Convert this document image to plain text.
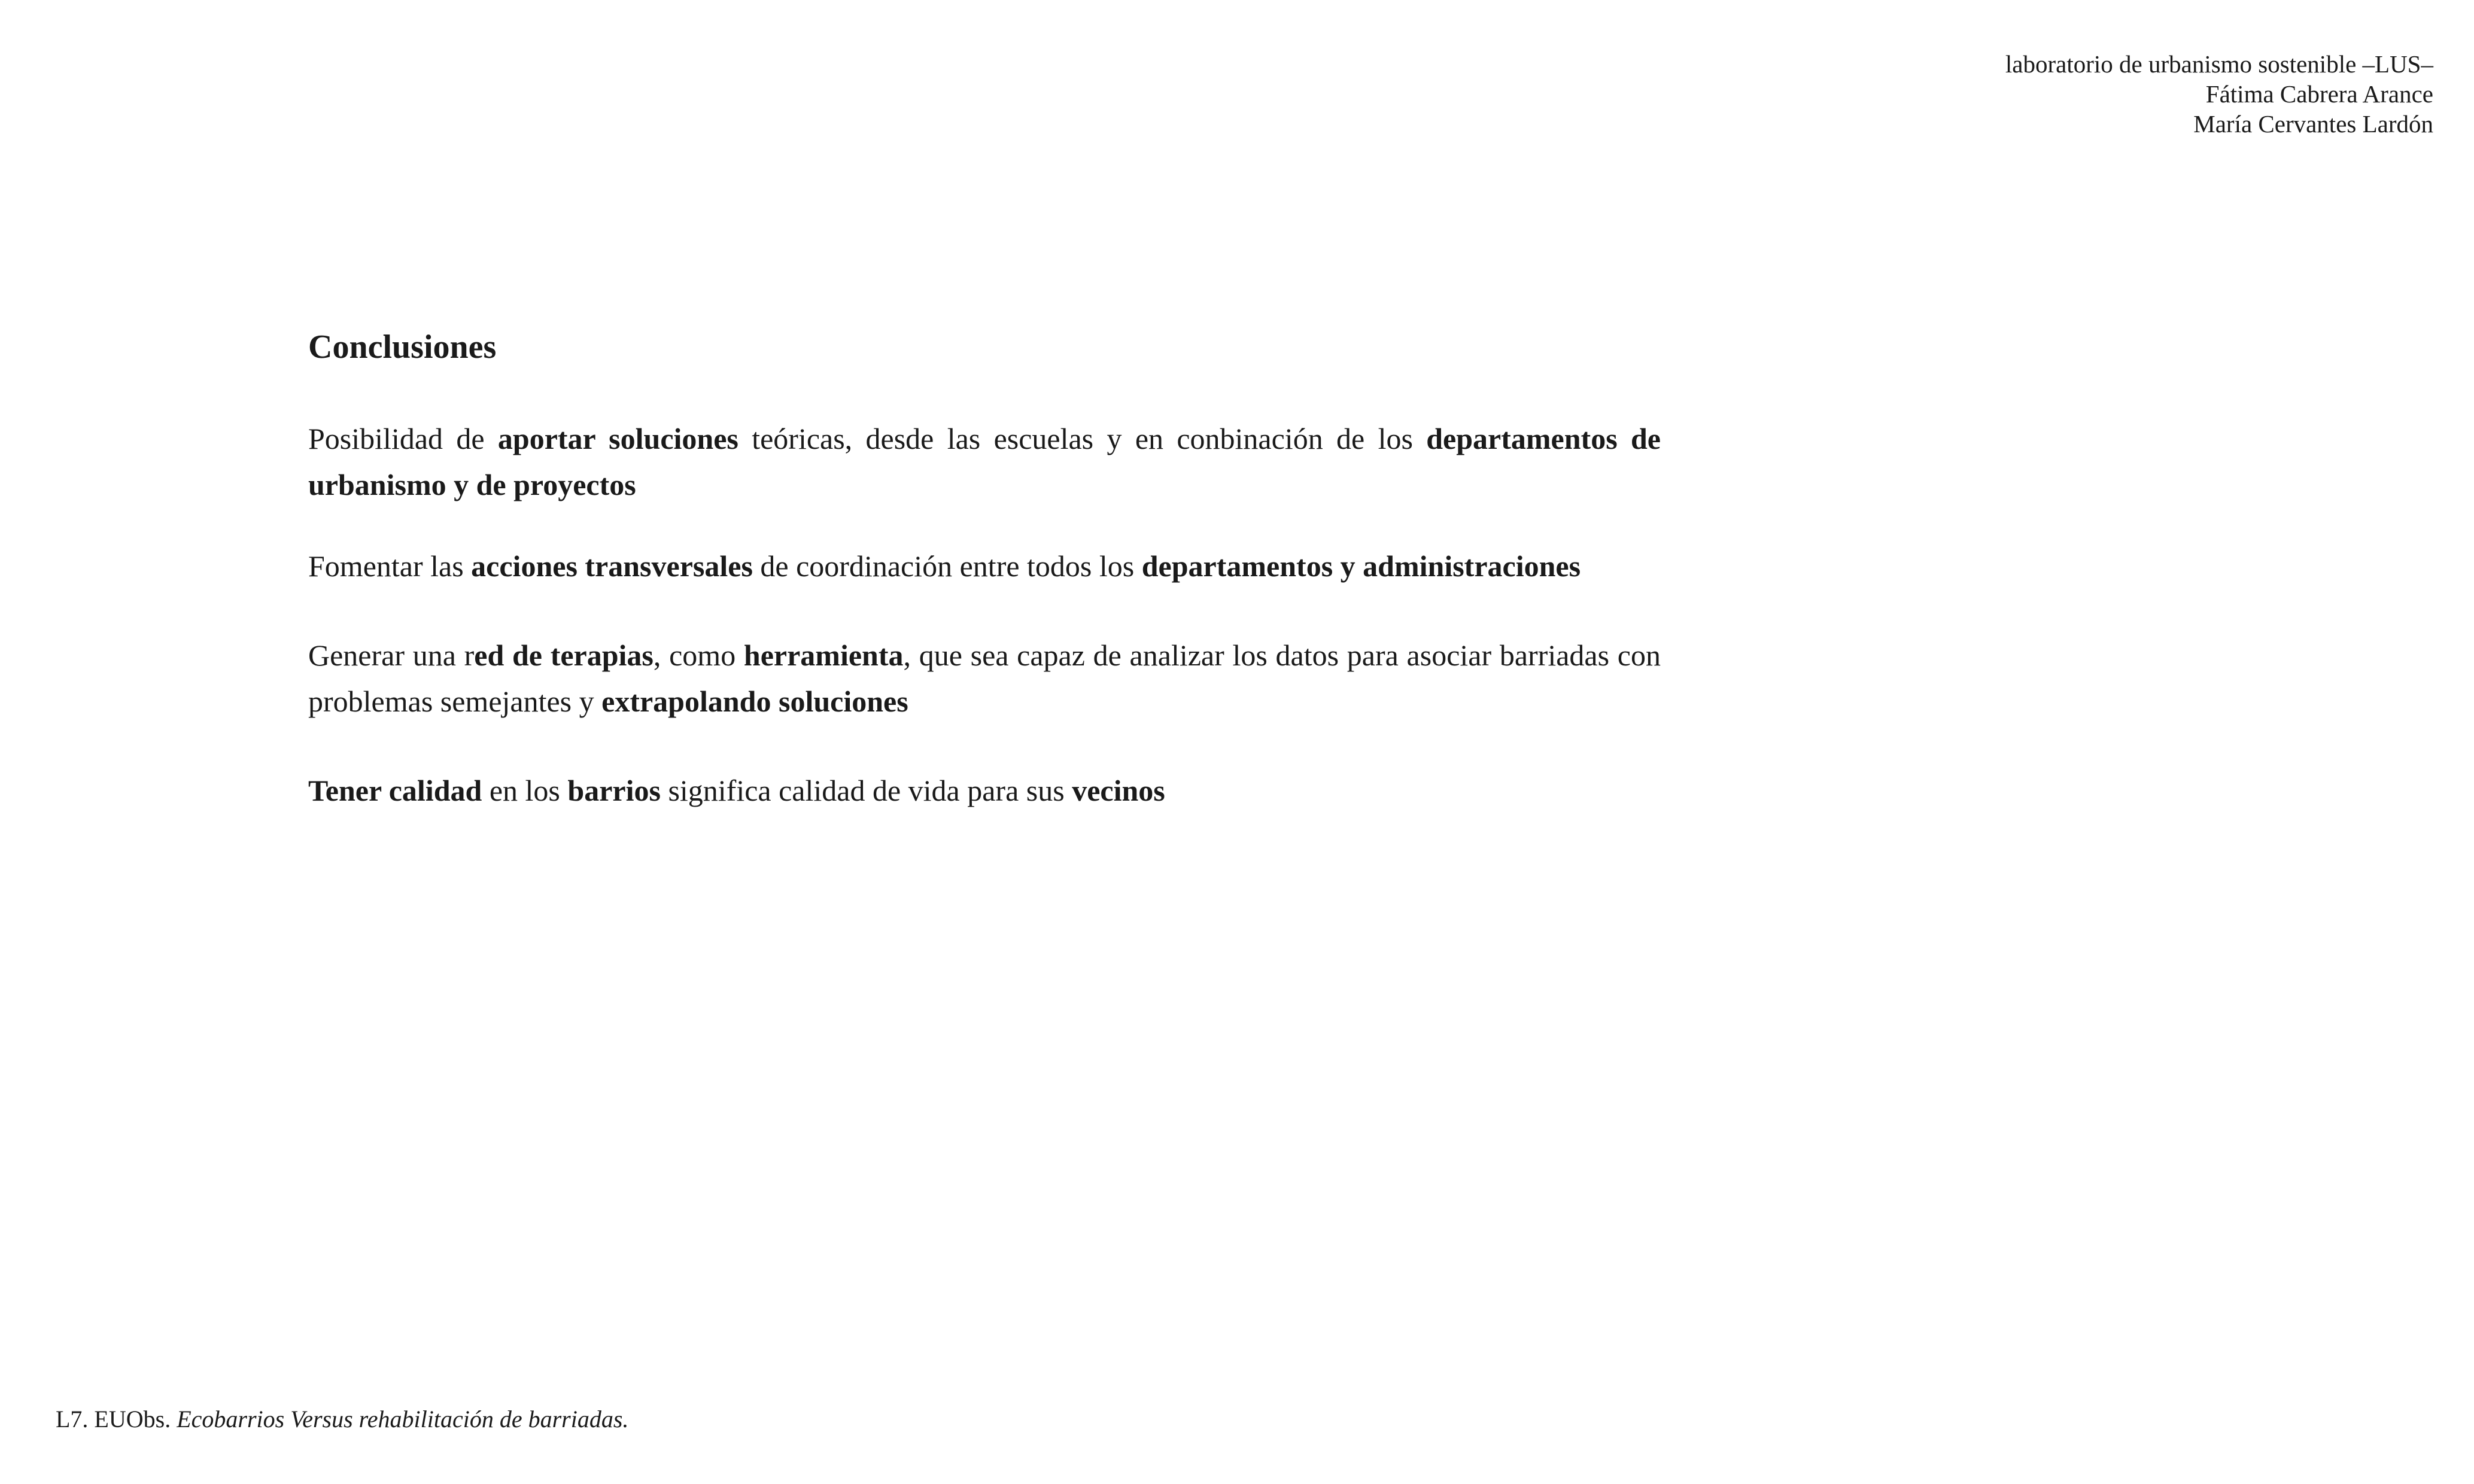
laboratorio de urbanismo sostenible –LUS–
Fátima Cabrera Arance
María Cervantes Lardón
Conclusiones

Posibilidad de aportar soluciones teóricas, desde las escuelas y en conbinación de los departamentos de urbanismo y de proyectos

Fomentar las acciones transversales de coordinación entre todos los departamentos y administraciones

Generar una red de terapias, como herramienta, que sea capaz de analizar los datos para asociar barriadas con problemas semejantes y extrapolando soluciones

Tener calidad en los barrios significa calidad de vida para sus vecinos

L7. EUObs. Ecobarrios Versus rehabilitación de barriadas.
